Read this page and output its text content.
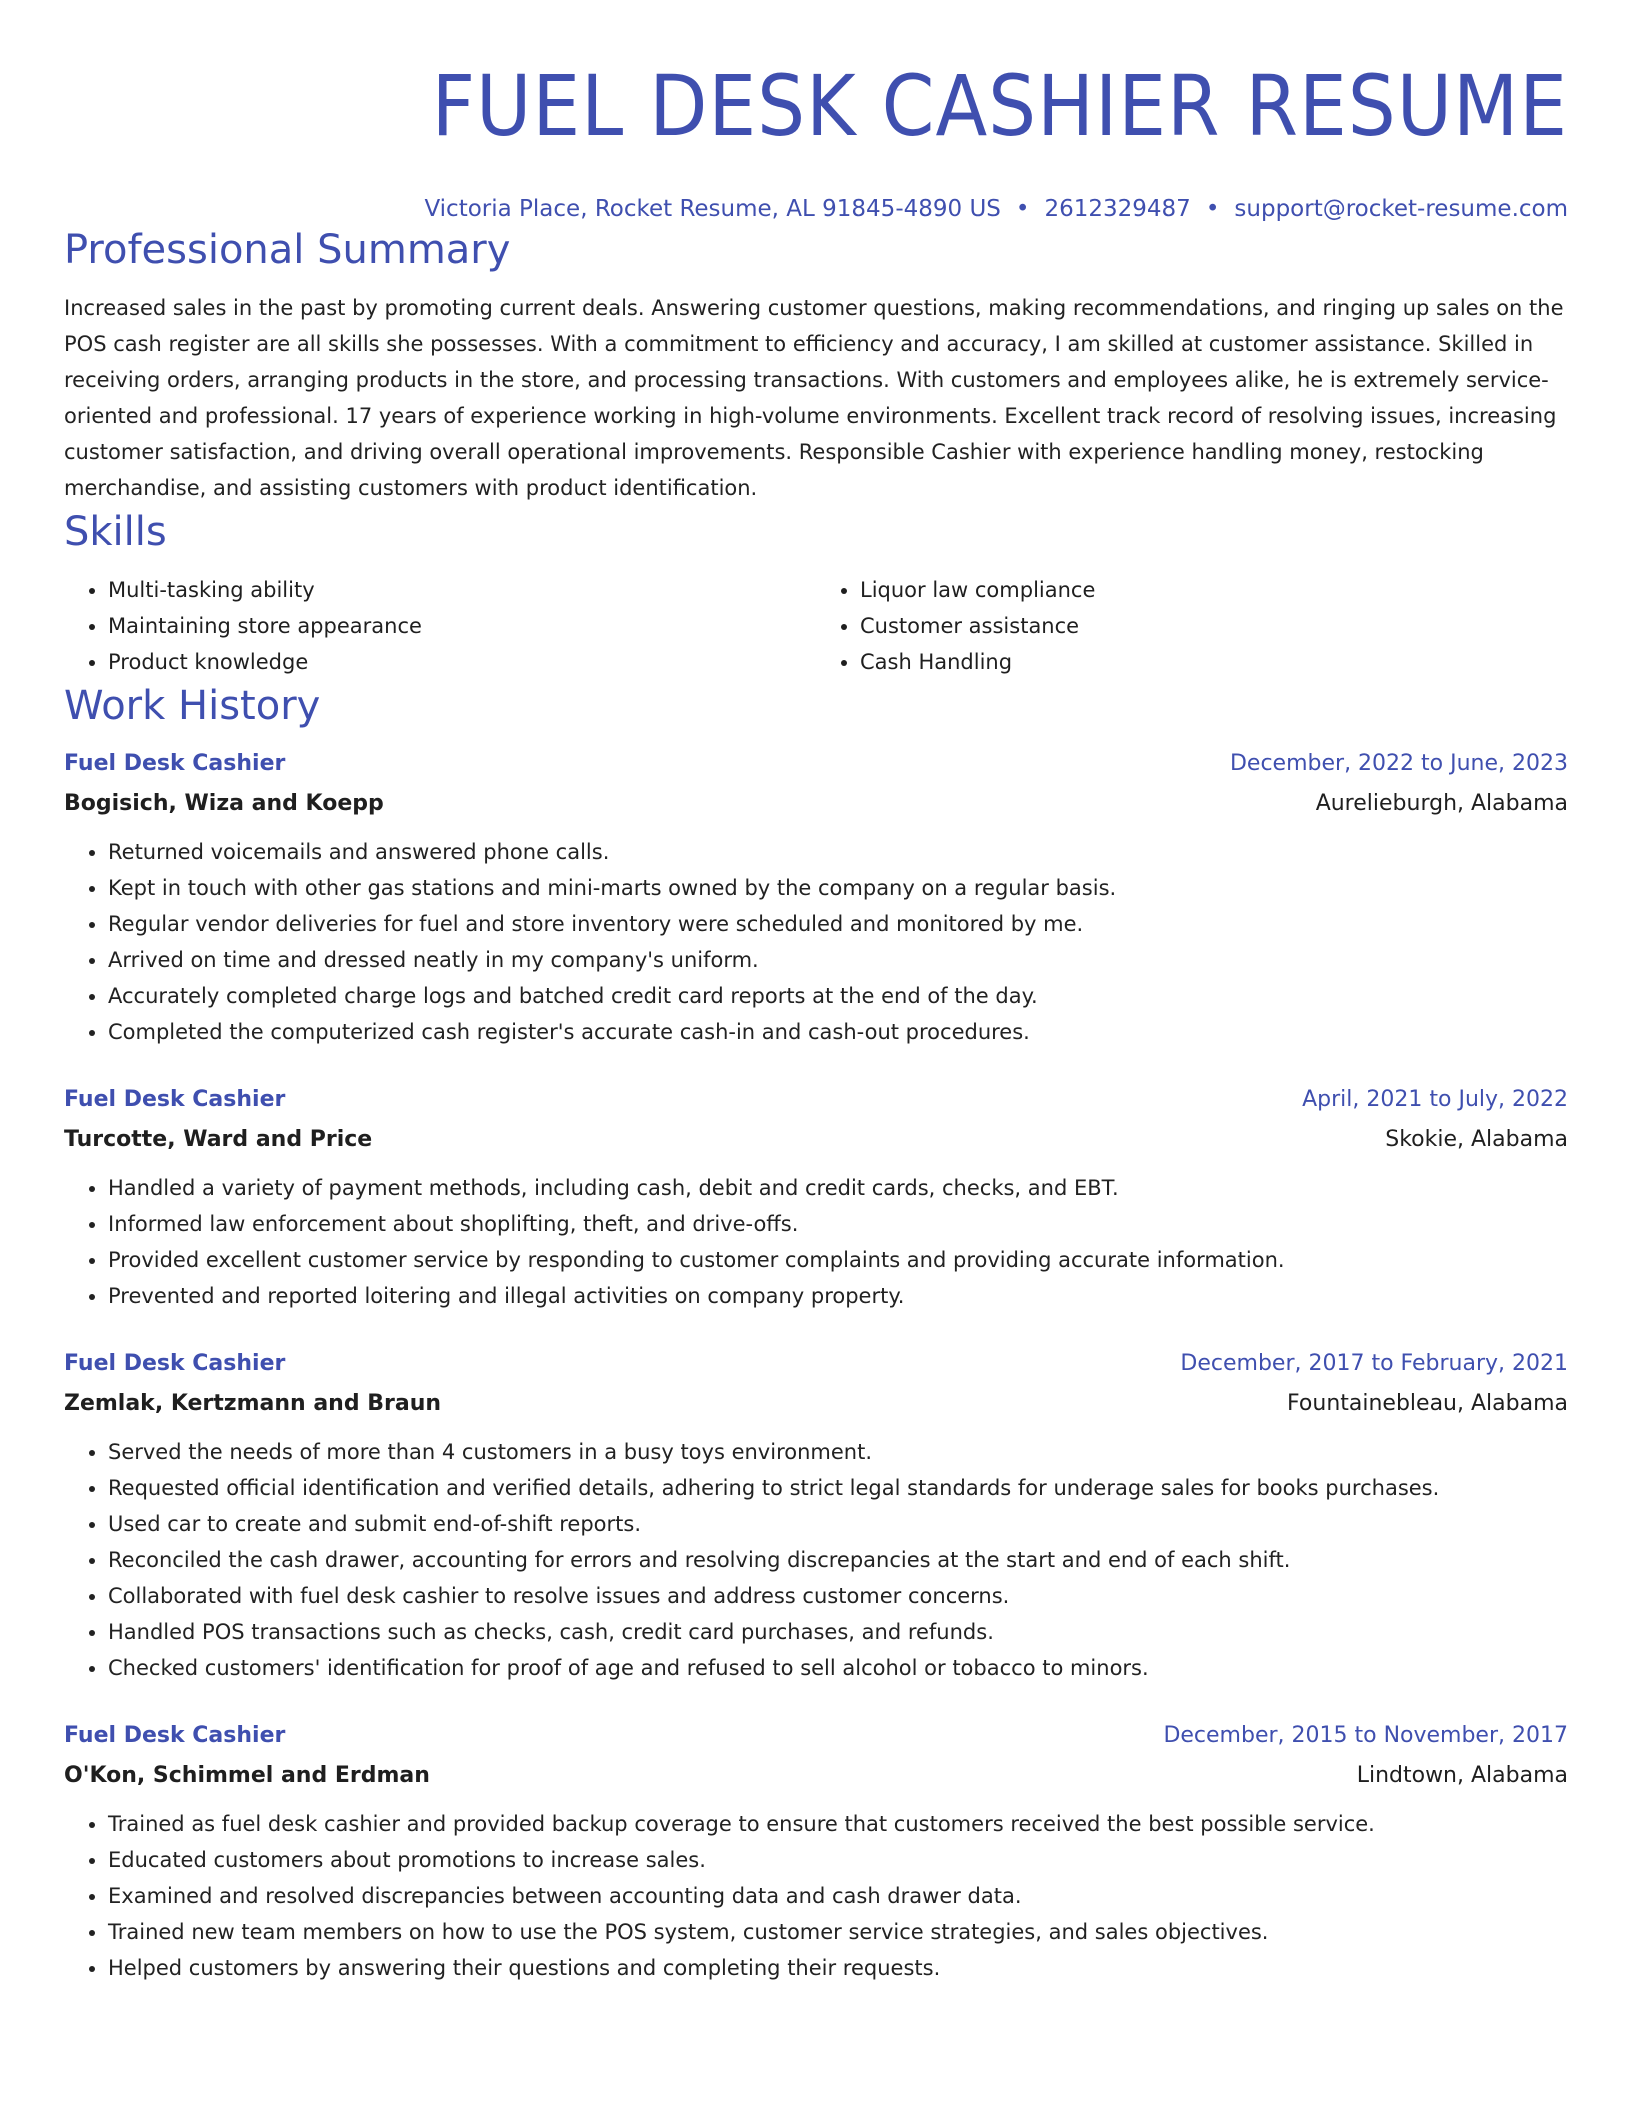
FUEL DESK CASHIER RESUME
Victoria Place, Rocket Resume, AL 91845-4890 US • 2612329487 • support@rocket-resume.com
Professional Summary
Increased sales in the past by promoting current deals. Answering customer questions, making recommendations, and ringing up sales on the POS cash register are all skills she possesses. With a commitment to efficiency and accuracy, I am skilled at customer assistance. Skilled in receiving orders, arranging products in the store, and processing transactions. With customers and employees alike, he is extremely service-oriented and professional. 17 years of experience working in high-volume environments. Excellent track record of resolving issues, increasing customer satisfaction, and driving overall operational improvements. Responsible Cashier with experience handling money, restocking merchandise, and assisting customers with product identification.
Skills
• Multi-tasking ability
• Maintaining store appearance
• Product knowledge
• Liquor law compliance
• Customer assistance
• Cash Handling
Work History
Fuel Desk Cashier	December, 2022 to June, 2023
Bogisich, Wiza and Koepp	Aurelieburgh, Alabama
• Returned voicemails and answered phone calls.
• Kept in touch with other gas stations and mini-marts owned by the company on a regular basis.
• Regular vendor deliveries for fuel and store inventory were scheduled and monitored by me.
• Arrived on time and dressed neatly in my company's uniform.
• Accurately completed charge logs and batched credit card reports at the end of the day.
• Completed the computerized cash register's accurate cash-in and cash-out procedures.
Fuel Desk Cashier	April, 2021 to July, 2022
Turcotte, Ward and Price	Skokie, Alabama
• Handled a variety of payment methods, including cash, debit and credit cards, checks, and EBT.
• Informed law enforcement about shoplifting, theft, and drive-offs.
• Provided excellent customer service by responding to customer complaints and providing accurate information.
• Prevented and reported loitering and illegal activities on company property.
Fuel Desk Cashier	December, 2017 to February, 2021
Zemlak, Kertzmann and Braun	Fountainebleau, Alabama
• Served the needs of more than 4 customers in a busy toys environment.
• Requested official identification and verified details, adhering to strict legal standards for underage sales for books purchases.
• Used car to create and submit end-of-shift reports.
• Reconciled the cash drawer, accounting for errors and resolving discrepancies at the start and end of each shift.
• Collaborated with fuel desk cashier to resolve issues and address customer concerns.
• Handled POS transactions such as checks, cash, credit card purchases, and refunds.
• Checked customers' identification for proof of age and refused to sell alcohol or tobacco to minors.
Fuel Desk Cashier	December, 2015 to November, 2017
O'Kon, Schimmel and Erdman	Lindtown, Alabama
• Trained as fuel desk cashier and provided backup coverage to ensure that customers received the best possible service.
• Educated customers about promotions to increase sales.
• Examined and resolved discrepancies between accounting data and cash drawer data.
• Trained new team members on how to use the POS system, customer service strategies, and sales objectives.
• Helped customers by answering their questions and completing their requests.
